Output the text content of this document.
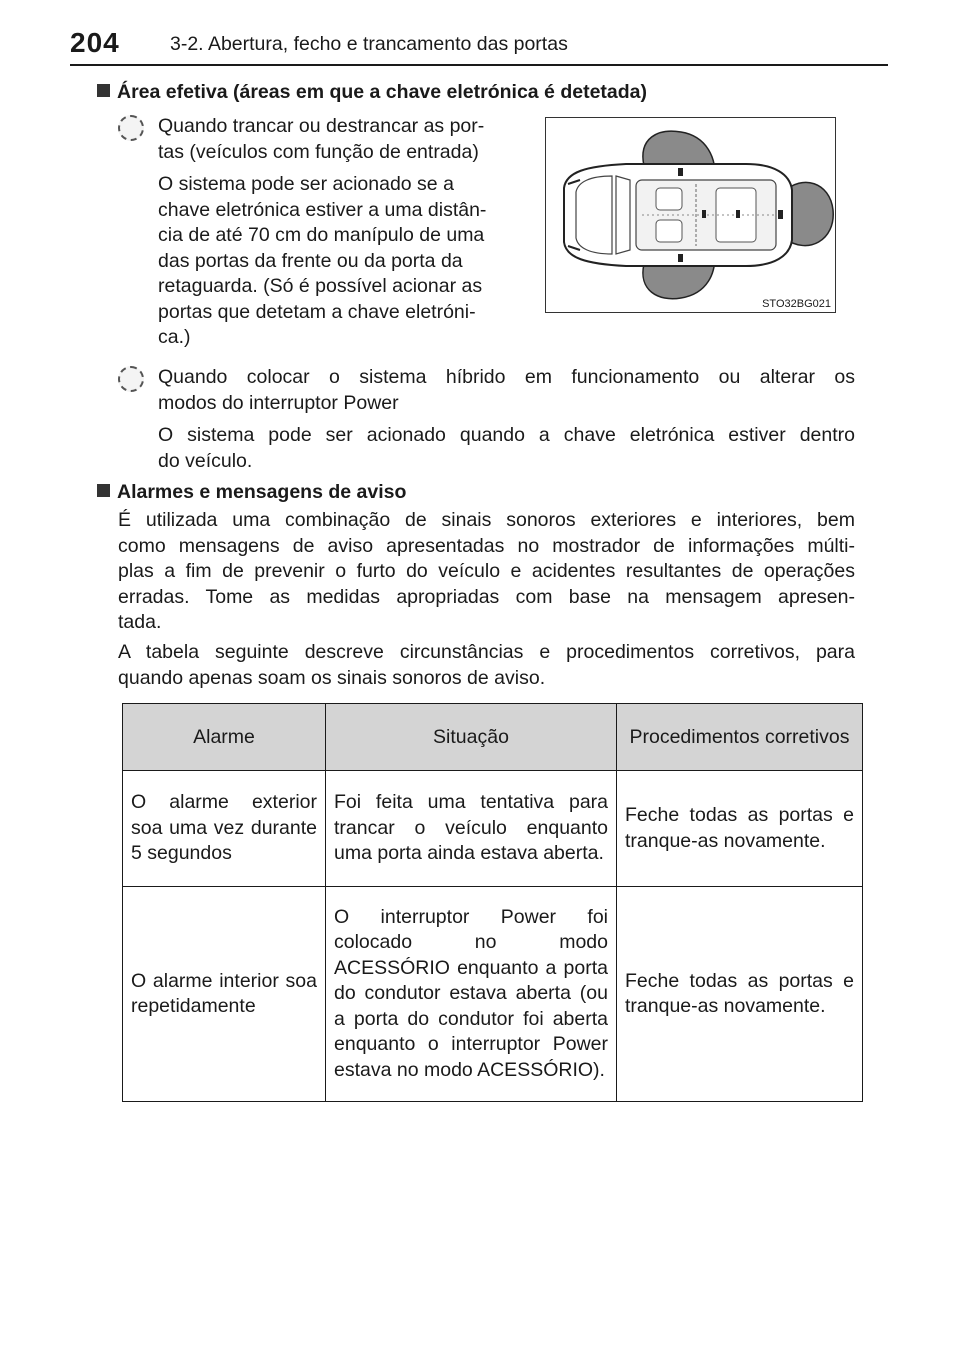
204	3-2. Abertura, fecho e trancamento das portas
Área efetiva (áreas em que a chave eletrónica é detetada)
Quando trancar ou destrancar as por-
tas (veículos com função de entrada)
O sistema pode ser acionado se a
chave eletrónica estiver a uma distân-
cia de até 70 cm do manípulo de uma
das portas da frente ou da porta da
retaguarda. (Só é possível acionar as
portas que detetam a chave eletróni-
ca.)
STO32BG021
Quando colocar o sistema híbrido em funcionamento ou alterar os
modos do interruptor Power
O sistema pode ser acionado quando a chave eletrónica estiver dentro
do veículo.
Alarmes e mensagens de aviso
É utilizada uma combinação de sinais sonoros exteriores e interiores, bem
como mensagens de aviso apresentadas no mostrador de informações múlti-
plas a fim de prevenir o furto do veículo e acidentes resultantes de operações
erradas. Tome as medidas apropriadas com base na mensagem apresen-
tada.
A tabela seguinte descreve circunstâncias e procedimentos corretivos, para
quando apenas soam os sinais sonoros de aviso.
Alarme	Situação	Procedimentos corretivos
O alarme exterior soa uma vez durante 5 segundos	Foi feita uma tentativa para trancar o veículo enquanto uma porta ainda estava aberta.	Feche todas as portas e tranque-as novamente.
O alarme interior soa repetidamente	O interruptor Power foi colocado no modo ACESSÓRIO enquanto a porta do condutor estava aberta (ou a porta do condutor foi aberta enquanto o interruptor Power estava no modo ACESSÓRIO).	Feche todas as portas e tranque-as novamente.
